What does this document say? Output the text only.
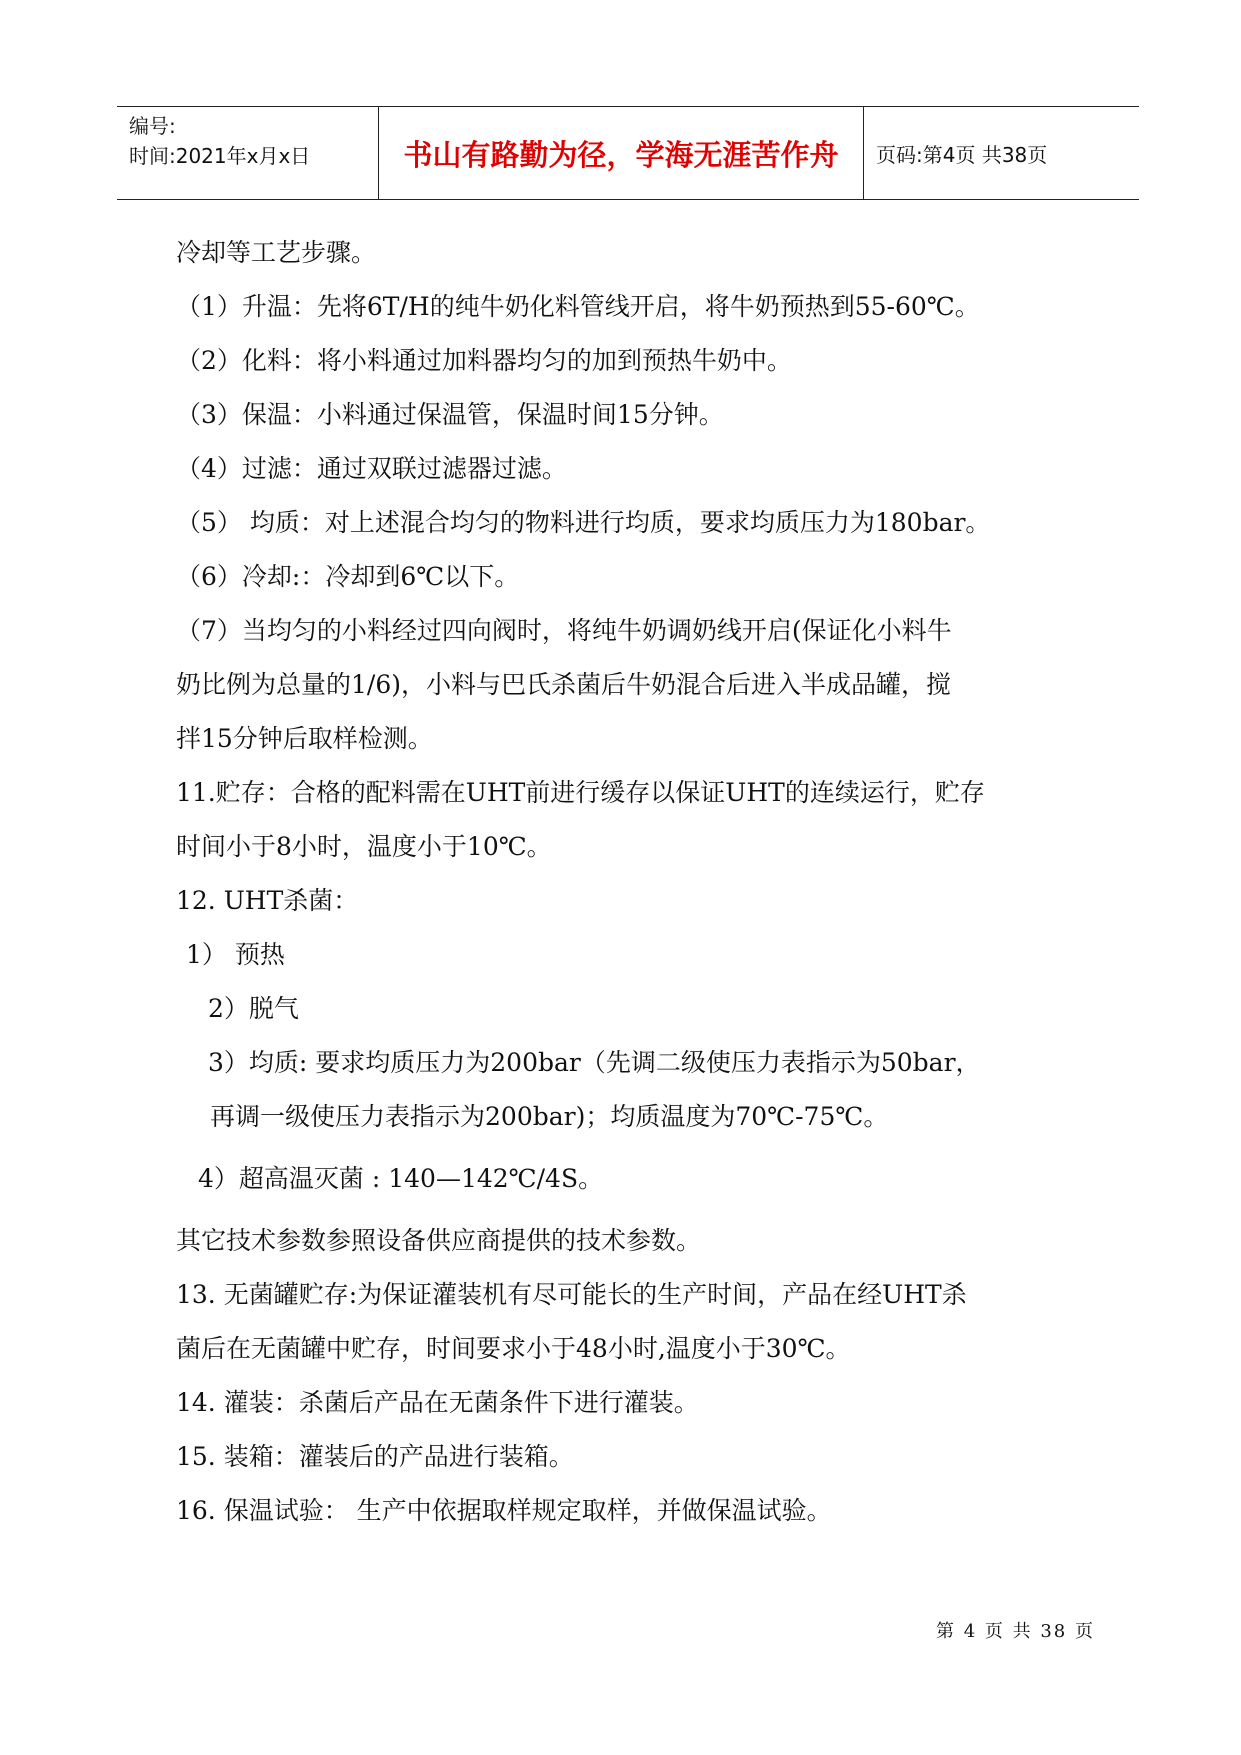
编号:
时间:2021年x月x日	书山有路勤为径，学海无涯苦作舟	页码:第4页 共38页

冷却等工艺步骤。

（1）升温：先将6T/H的纯牛奶化料管线开启，将牛奶预热到55-60℃。

（2）化料：将小料通过加料器均匀的加到预热牛奶中。

（3）保温：小料通过保温管，保温时间15分钟。

（4）过滤：通过双联过滤器过滤。

（5） 均质：对上述混合均匀的物料进行均质，要求均质压力为180bar。

（6）冷却:：冷却到6℃以下。

（7）当均匀的小料经过四向阀时，将纯牛奶调奶线开启(保证化小料牛

奶比例为总量的1/6)，小料与巴氏杀菌后牛奶混合后进入半成品罐，搅

拌15分钟后取样检测。

11.贮存：合格的配料需在UHT前进行缓存以保证UHT的连续运行，贮存

时间小于8小时，温度小于10℃。

12. UHT杀菌：

1） 预热

2）脱气

3）均质: 要求均质压力为200bar（先调二级使压力表指示为50bar，

再调一级使压力表指示为200bar)；均质温度为70℃-75℃。

4）超高温灭菌 : 140—142℃/4S。

其它技术参数参照设备供应商提供的技术参数。

13. 无菌罐贮存:为保证灌装机有尽可能长的生产时间，产品在经UHT杀

菌后在无菌罐中贮存，时间要求小于48小时,温度小于30℃。

14. 灌装：杀菌后产品在无菌条件下进行灌装。

15. 装箱：灌装后的产品进行装箱。

16. 保温试验： 生产中依据取样规定取样，并做保温试验。

第 4 页 共 38 页
